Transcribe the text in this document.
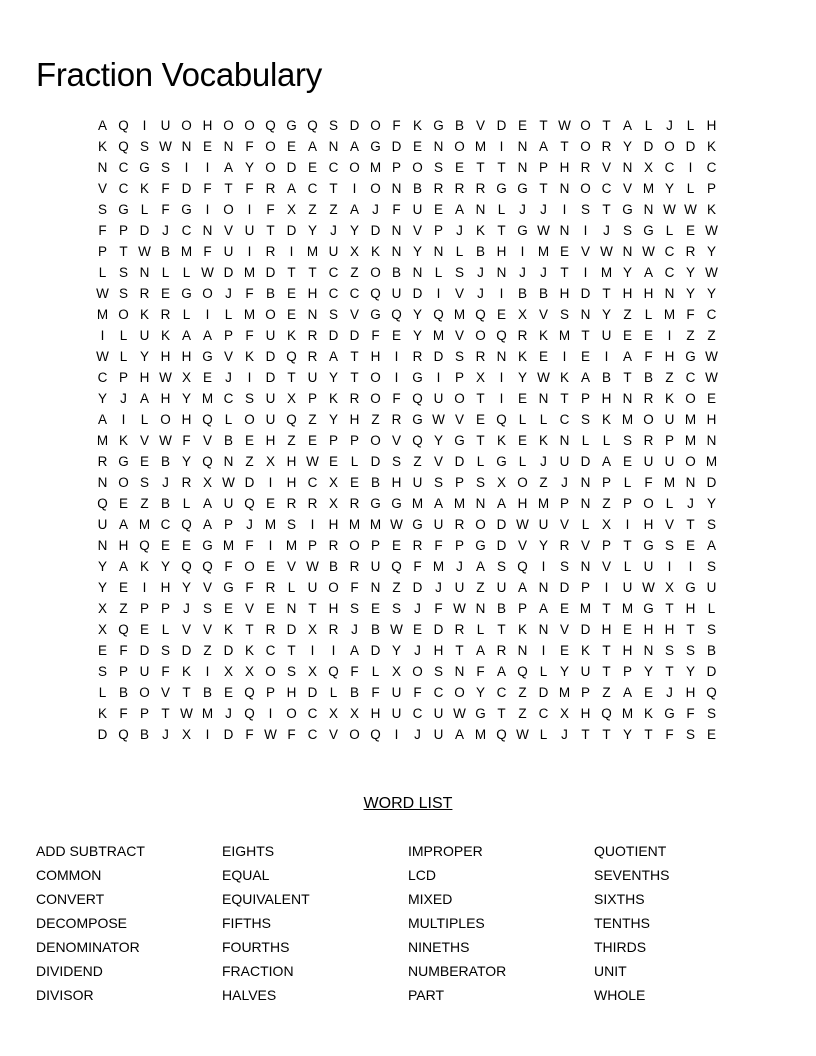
Fraction Vocabulary
A Q	I	U O H O O Q G Q S D O F K G B V D E T W O T A L	J	L H
K Q S W N E N F O E A N A G D E N O M I	N A T O R Y D O D K
N C G S	I	I	A Y O D E C O M P O S E T T N P H R V N X C	I	C
V C K F D F T F R A C T	I	O N B R R R G G T N O C V M Y L P
S G L F G	I	O	I	F X Z Z A J	F U E A N L	J	J	I	S T G N W W K
F P D J C N V U T D Y J Y D N V P J K T G W N	I	J S G L E W
P T W B M F U	I	R	I	M U X K N Y N L B H	I	M E V W N W C R Y
L S N L L W D M D T T C Z O B N L S J N J	J	T	I	M Y A C Y W
W S R E G O J	F B E H C C Q U D	I	V J	I	B B H D T H H N Y Y
M O K R L	I	L M O E N S V G Q Y Q M Q E X V S N Y Z L M F C
I	L U K A A P F U K R D D F E Y M V O Q R K M T U E E	I	Z Z
W L Y H H G V K D Q R A T H	I	R D S R N K E	I	E	I	A F H G W
C P H W X E J	I	D T U Y T O	I	G	I	P X	I	Y W K A B T B Z C W
Y J A H Y M C S U X P K R O F Q U O T	I	E N T P H N R K O E
A	I	L O H Q L O U Q Z Y H Z R G W V E Q L L C S K M O U M H
M K V W F V B E H Z E P P O V Q Y G T K E K N L L S R P M N
R G E B Y Q N Z X H W E L D S Z V D L G L	J U D A E U U O M
N O S J R X W D	I	H C X E B H U S P S X O Z	J N P L F M N D
Q E Z B L A U Q E R R X R G G M A M N A H M P N Z P O L	J Y
U A M C Q A P J M S	I	H M M W G U R O D W U V L X	I	H V T S
N H Q E E G M F	I	M P R O P E R F P G D V Y R V P T G S E A
Y A K Y Q Q F O E V W B R U Q F M J A S Q	I	S N V L U	I	I	S
Y E	I	H Y V G F R L U O F N Z D J U Z U A N D P	I	U W X G U
X Z P P J S E V E N T H S E S J	F W N B P A E M T M G T H L
X Q E L V V K T R D X R J B W E D R L T K N V D H E H H T S
E F D S D Z D K C T	I	I	A D Y J H T A R N	I	E K T H N S S B
S P U F K	I	X X O S X Q F L X O S N F A Q L Y U T P Y T Y D
L B O V T B E Q P H D L B F U F C O Y C Z D M P Z A E J H Q
K F P T W M J Q	I	O C X X H U C U W G T Z C X H Q M K G F S
D Q B J X	I	D F W F C V O Q	I	J U A M Q W L	J	T T Y T F S E
WORD LIST
ADD SUBTRACT
COMMON
CONVERT
DECOMPOSE
DENOMINATOR
DIVIDEND
DIVISOR
EIGHTS
EQUAL
EQUIVALENT
FIFTHS
FOURTHS
FRACTION
HALVES
IMPROPER
LCD
MIXED
MULTIPLES
NINETHS
NUMBERATOR
PART
QUOTIENT
SEVENTHS
SIXTHS
TENTHS
THIRDS
UNIT
WHOLE
